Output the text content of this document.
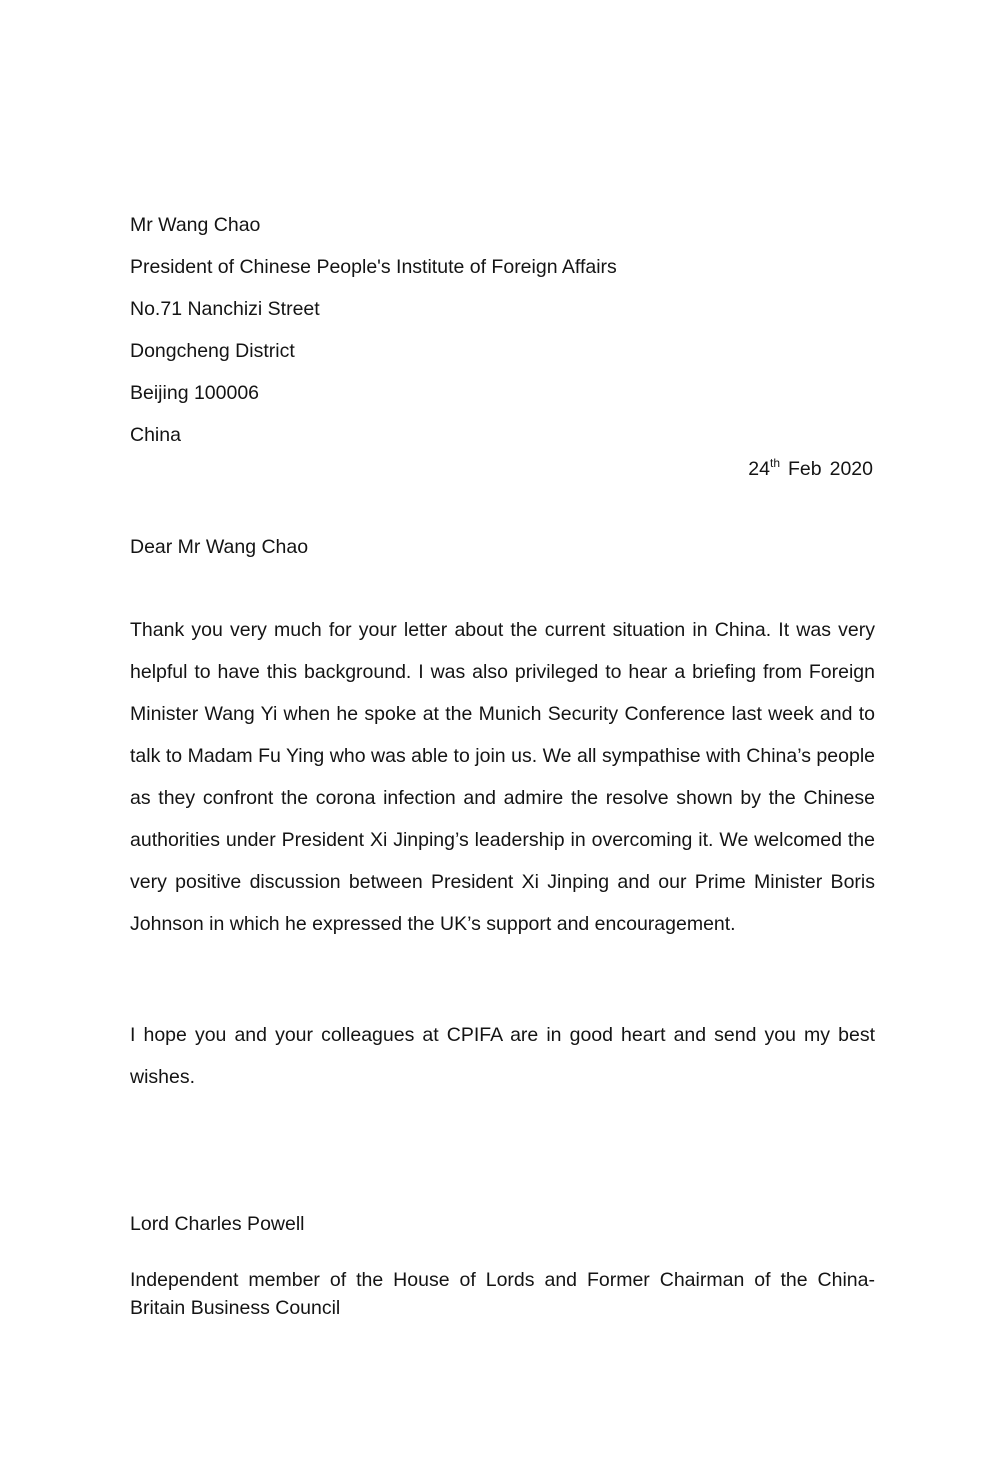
Mr Wang Chao

President of Chinese People's Institute of Foreign Affairs

No.71 Nanchizi Street

Dongcheng District

Beijing 100006

China

24th Feb 2020

Dear Mr Wang Chao

Thank you very much for your letter about the current situation in China. It was very helpful to have this background. I was also privileged to hear a briefing from Foreign Minister Wang Yi when he spoke at the Munich Security Conference last week and to talk to Madam Fu Ying who was able to join us. We all sympathise with China’s people as they confront the corona infection and admire the resolve shown by the Chinese authorities under President Xi Jinping’s leadership in overcoming it. We welcomed the very positive discussion between President Xi Jinping and our Prime Minister Boris Johnson in which he expressed the UK’s support and encouragement.

I hope you and your colleagues at CPIFA are in good heart and send you my best wishes.

Lord Charles Powell

Independent member of the House of Lords and Former Chairman of the China-Britain Business Council
